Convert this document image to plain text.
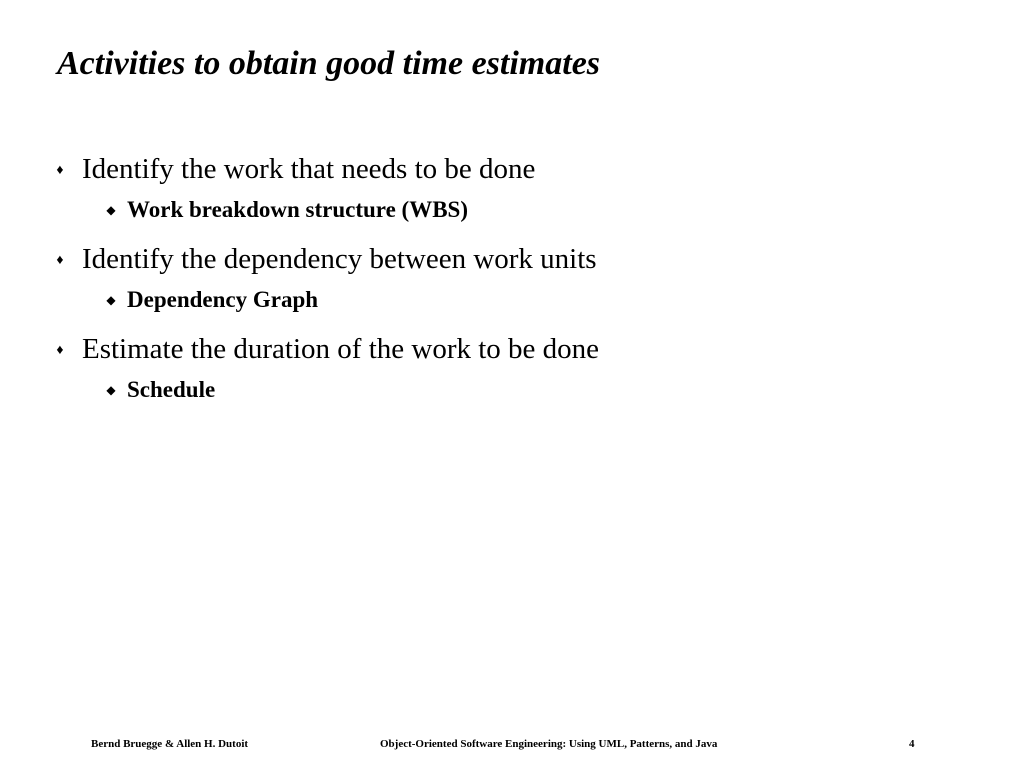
Activities to obtain good time estimates
♦ Identify the work that needs to be done
◆ Work breakdown structure (WBS)
♦ Identify the dependency between work units
◆ Dependency Graph
♦ Estimate the duration of the work to be done
◆ Schedule
Bernd Bruegge & Allen H. Dutoit	Object-Oriented Software Engineering: Using UML, Patterns, and Java	4
